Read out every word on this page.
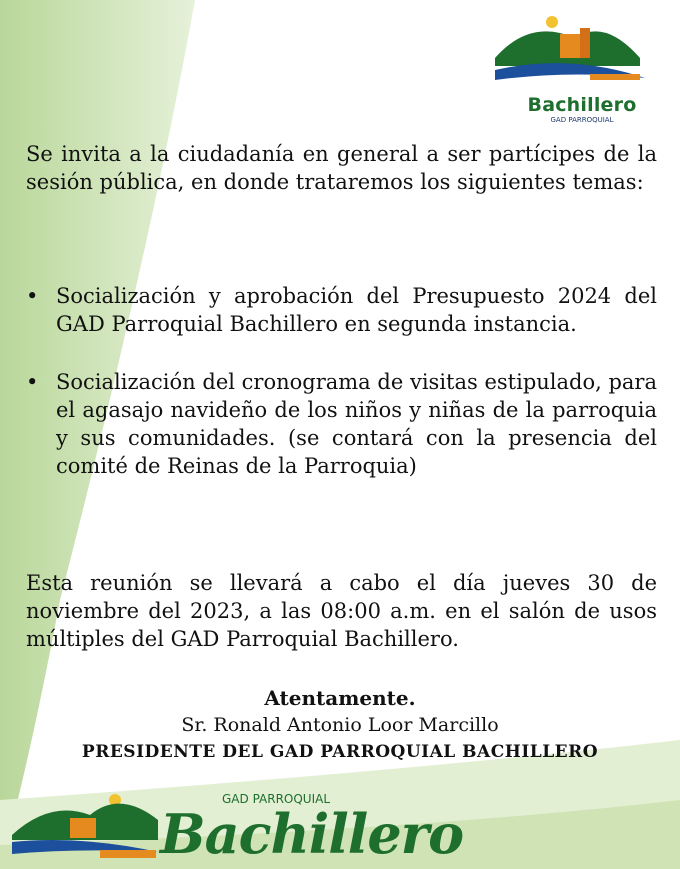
Bachillero
GAD PARROQUIAL

Se invita a la ciudadanía en general a ser partícipes de la sesión pública, en donde trataremos los siguientes temas:

• Socialización y aprobación del Presupuesto 2024 del GAD Parroquial Bachillero en segunda instancia.
• Socialización del cronograma de visitas estipulado, para el agasajo navideño de los niños y niñas de la parroquia y sus comunidades. (se contará con la presencia del comité de Reinas de la Parroquia)

Esta reunión se llevará a cabo el día jueves 30 de noviembre del 2023, a las 08:00 a.m. en el salón de usos múltiples del GAD Parroquial Bachillero.

Atentamente.
Sr. Ronald Antonio Loor Marcillo
PRESIDENTE DEL GAD PARROQUIAL BACHILLERO
GAD PARROQUIAL
Bachillero
